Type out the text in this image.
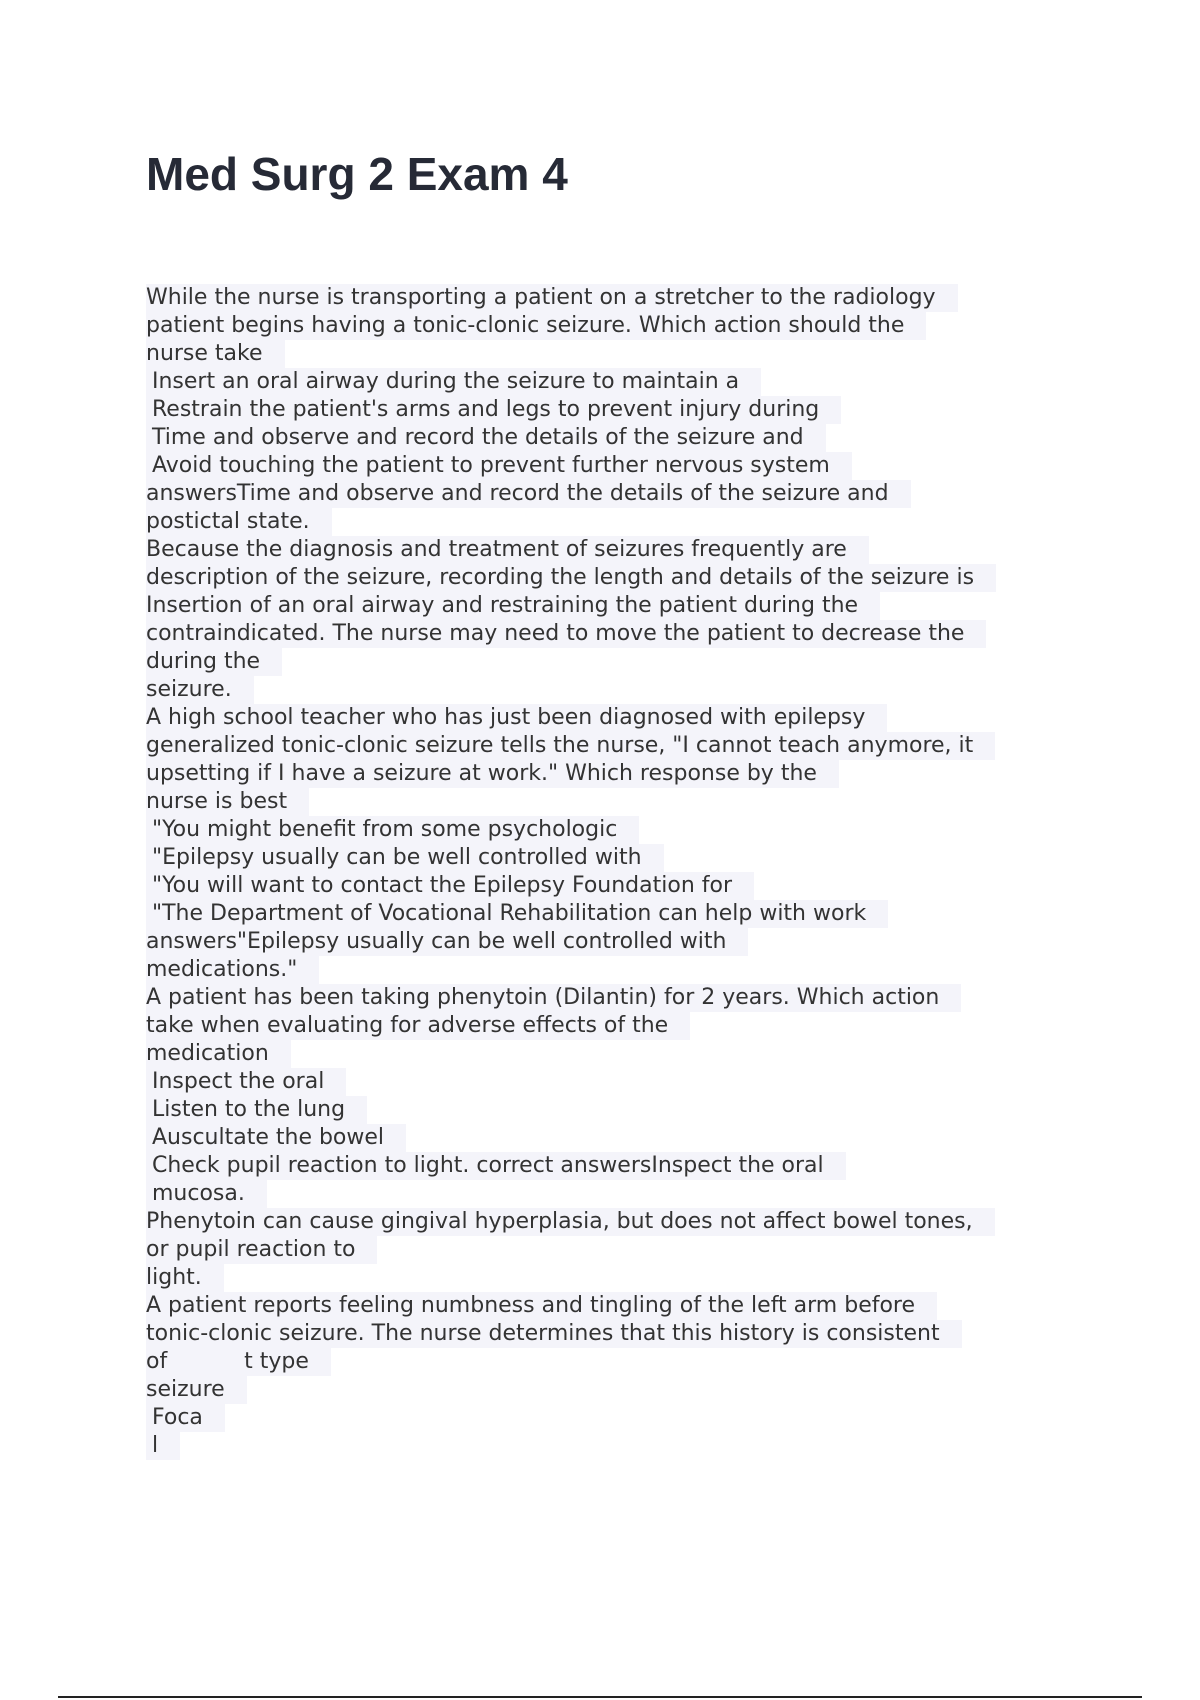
Med Surg 2 Exam 4
While the nurse is transporting a patient on a stretcher to the radiology
patient begins having a tonic-clonic seizure. Which action should the
nurse take
Insert an oral airway during the seizure to maintain a
Restrain the patient's arms and legs to prevent injury during
Time and observe and record the details of the seizure and
Avoid touching the patient to prevent further nervous system
answersTime and observe and record the details of the seizure and
postictal state.
Because the diagnosis and treatment of seizures frequently are
description of the seizure, recording the length and details of the seizure is
Insertion of an oral airway and restraining the patient during the
contraindicated. The nurse may need to move the patient to decrease the
during the
seizure.
A high school teacher who has just been diagnosed with epilepsy
generalized tonic-clonic seizure tells the nurse, "I cannot teach anymore, it
upsetting if I have a seizure at work." Which response by the
nurse is best
"You might benefit from some psychologic
"Epilepsy usually can be well controlled with
"You will want to contact the Epilepsy Foundation for
"The Department of Vocational Rehabilitation can help with work
answers"Epilepsy usually can be well controlled with
medications."
A patient has been taking phenytoin (Dilantin) for 2 years. Which action
take when evaluating for adverse effects of the
medication
Inspect the oral
Listen to the lung
Auscultate the bowel
Check pupil reaction to light. correct answersInspect the oral
mucosa.
Phenytoin can cause gingival hyperplasia, but does not affect bowel tones,
or pupil reaction to
light.
A patient reports feeling numbness and tingling of the left arm before
tonic-clonic seizure. The nurse determines that this history is consistent
of           t type
seizure
Foca
l
